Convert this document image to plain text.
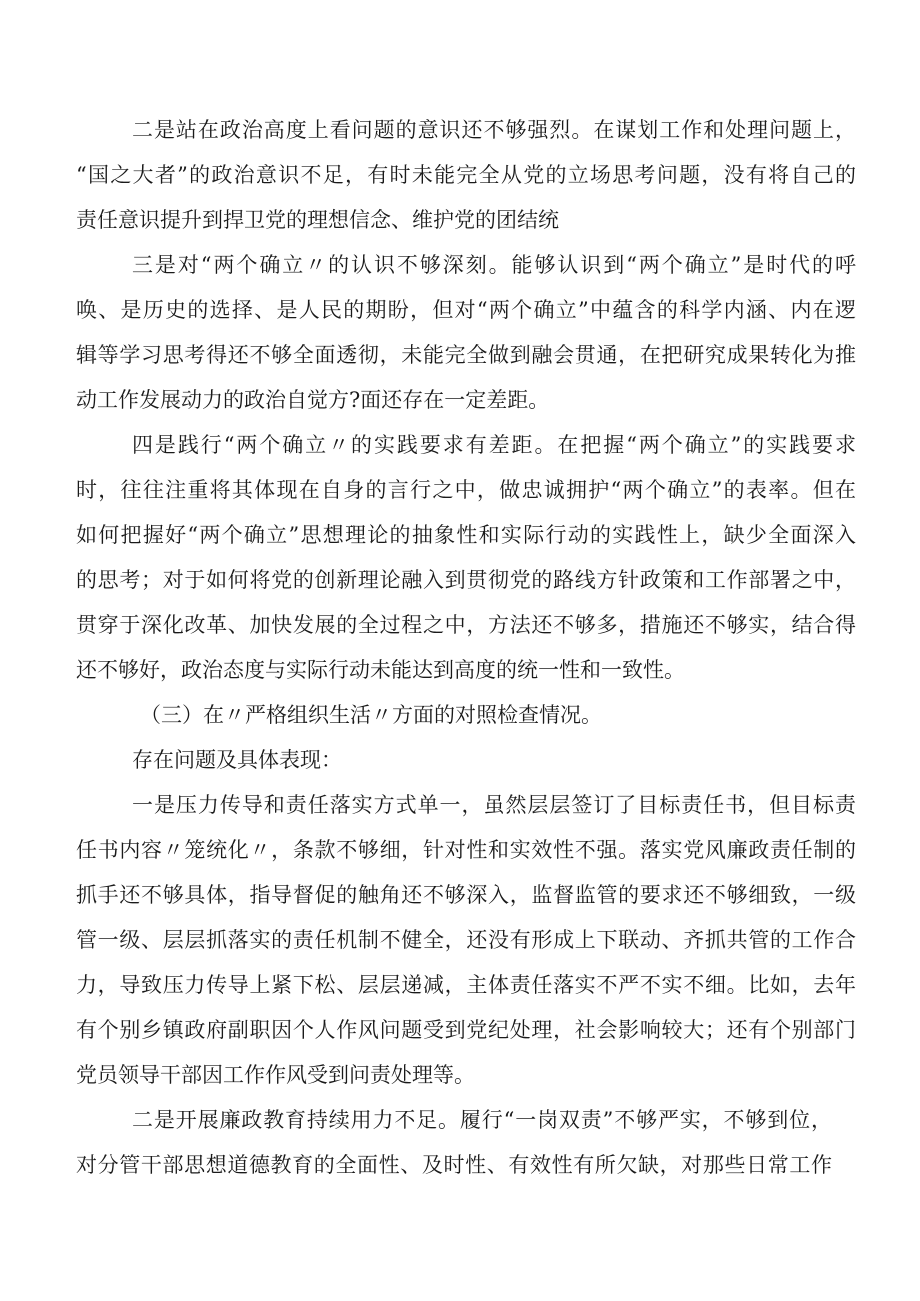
二是站在政治高度上看问题的意识还不够强烈。在谋划工作和处理问题上，
“国之大者”的政治意识不足，有时未能完全从党的立场思考问题，没有将自己的
责任意识提升到捍卫党的理想信念、维护党的团结统
三是对“两个确立〃的认识不够深刻。能够认识到“两个确立”是时代的呼
唤、是历史的选择、是人民的期盼，但对“两个确立”中蕴含的科学内涵、内在逻
辑等学习思考得还不够全面透彻，未能完全做到融会贯通，在把研究成果转化为推
动工作发展动力的政治自觉方?面还存在一定差距。
四是践行“两个确立〃的实践要求有差距。在把握“两个确立”的实践要求
时，往往注重将其体现在自身的言行之中，做忠诚拥护“两个确立”的表率。但在
如何把握好“两个确立”思想理论的抽象性和实际行动的实践性上，缺少全面深入
的思考；对于如何将党的创新理论融入到贯彻党的路线方针政策和工作部署之中，
贯穿于深化改革、加快发展的全过程之中，方法还不够多，措施还不够实，结合得
还不够好，政治态度与实际行动未能达到高度的统一性和一致性。
（三）在〃严格组织生活〃方面的对照检查情况。
存在问题及具体表现：
一是压力传导和责任落实方式单一，虽然层层签订了目标责任书，但目标责
任书内容〃笼统化〃，条款不够细，针对性和实效性不强。落实党风廉政责任制的
抓手还不够具体，指导督促的触角还不够深入，监督监管的要求还不够细致，一级
管一级、层层抓落实的责任机制不健全，还没有形成上下联动、齐抓共管的工作合
力，导致压力传导上紧下松、层层递减，主体责任落实不严不实不细。比如，去年
有个别乡镇政府副职因个人作风问题受到党纪处理，社会影响较大；还有个别部门
党员领导干部因工作作风受到问责处理等。
二是开展廉政教育持续用力不足。履行“一岗双责”不够严实，不够到位，
对分管干部思想道德教育的全面性、及时性、有效性有所欠缺，对那些日常工作
